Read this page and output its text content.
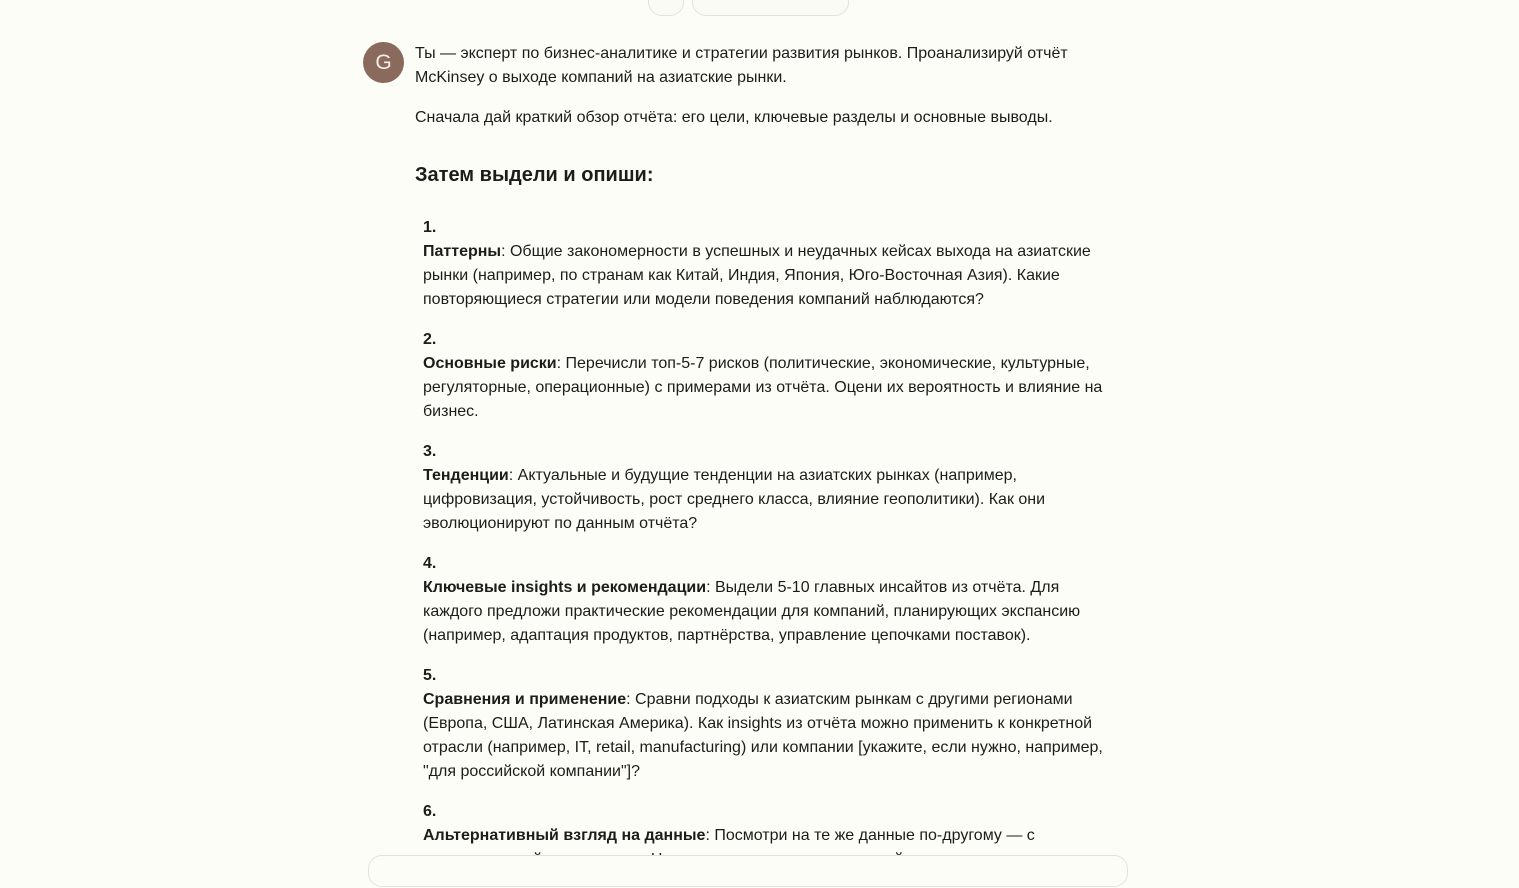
G	Ты — эксперт по бизнес-аналитике и стратегии развития рынков. Проанализируй отчёт McKinsey о выходе компаний на азиатские рынки.

Сначала дай краткий обзор отчёта: его цели, ключевые разделы и основные выводы.

Затем выдели и опиши:
1.
Паттерны: Общие закономерности в успешных и неудачных кейсах выхода на азиатские рынки (например, по странам как Китай, Индия, Япония, Юго-Восточная Азия). Какие повторяющиеся стратегии или модели поведения компаний наблюдаются?
2.
Основные риски: Перечисли топ-5-7 рисков (политические, экономические, культурные, регуляторные, операционные) с примерами из отчёта. Оцени их вероятность и влияние на бизнес.
3.
Тенденции: Актуальные и будущие тенденции на азиатских рынках (например, цифровизация, устойчивость, рост среднего класса, влияние геополитики). Как они эволюционируют по данным отчёта?
4.
Ключевые insights и рекомендации: Выдели 5-10 главных инсайтов из отчёта. Для каждого предложи практические рекомендации для компаний, планирующих экспансию (например, адаптация продуктов, партнёрства, управление цепочками поставок).
5.
Сравнения и применение: Сравни подходы к азиатским рынкам с другими регионами (Европа, США, Латинская Америка). Как insights из отчёта можно применить к конкретной отрасли (например, IT, retail, manufacturing) или компании [укажите, если нужно, например, "для российской компании"]?
6.
Альтернативный взгляд на данные: Посмотри на те же данные по-другому — с
